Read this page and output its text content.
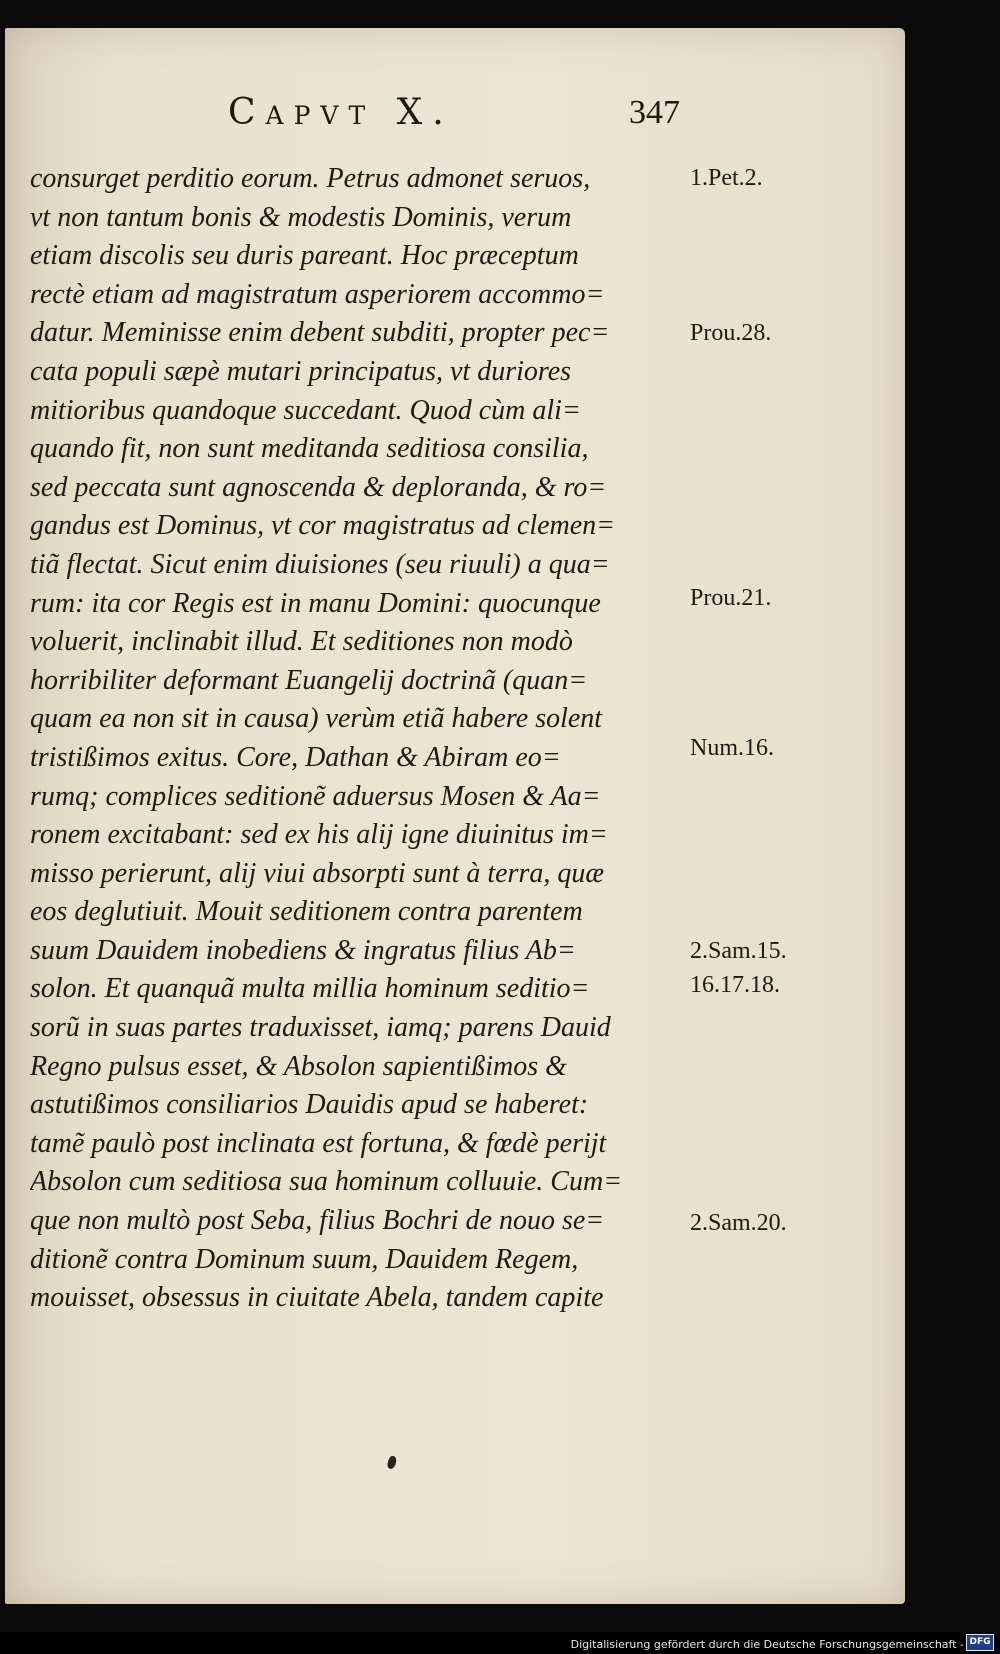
Capvt X.	347
consurget perditio eorum. Petrus admonet seruos,
vt non tantum bonis & modestis Dominis, verum
etiam discolis seu duris pareant. Hoc præceptum
rectè etiam ad magistratum asperiorem accommo=
datur. Meminisse enim debent subditi, propter pec=
cata populi sæpè mutari principatus, vt duriores
mitioribus quandoque succedant. Quod cùm ali=
quando fit, non sunt meditanda seditiosa consilia,
sed peccata sunt agnoscenda & deploranda, & ro=
gandus est Dominus, vt cor magistratus ad clemen=
tiã flectat. Sicut enim diuisiones (seu riuuli) a qua=
rum: ita cor Regis est in manu Domini: quocunque
voluerit, inclinabit illud. Et seditiones non modò
horribiliter deformant Euangelij doctrinã (quan=
quam ea non sit in causa) verùm etiã habere solent
tristißimos exitus. Core, Dathan & Abiram eo=
rumq; complices seditionẽ aduersus Mosen & Aa=
ronem excitabant: sed ex his alij igne diuinitus im=
misso perierunt, alij viui absorpti sunt à terra, quæ
eos deglutiuit. Mouit seditionem contra parentem
suum Dauidem inobediens & ingratus filius Ab=
solon. Et quanquã multa millia hominum seditio=
sorũ in suas partes traduxisset, iamq; parens Dauid
Regno pulsus esset, & Absolon sapientißimos &
astutißimos consiliarios Dauidis apud se haberet:
tamẽ paulò post inclinata est fortuna, & fœdè perijt
Absolon cum seditiosa sua hominum colluuie. Cum=
que non multò post Seba, filius Bochri de nouo se=
ditionẽ contra Dominum suum, Dauidem Regem,
mouisset, obsessus in ciuitate Abela, tandem capite
1.Pet.2.
Prou.28.
Prou.21.
Num.16.
2.Sam.15.
16.17.18.
2.Sam.20.
Digitalisierung gefördert durch die Deutsche Forschungsgemeinschaft - DFG
